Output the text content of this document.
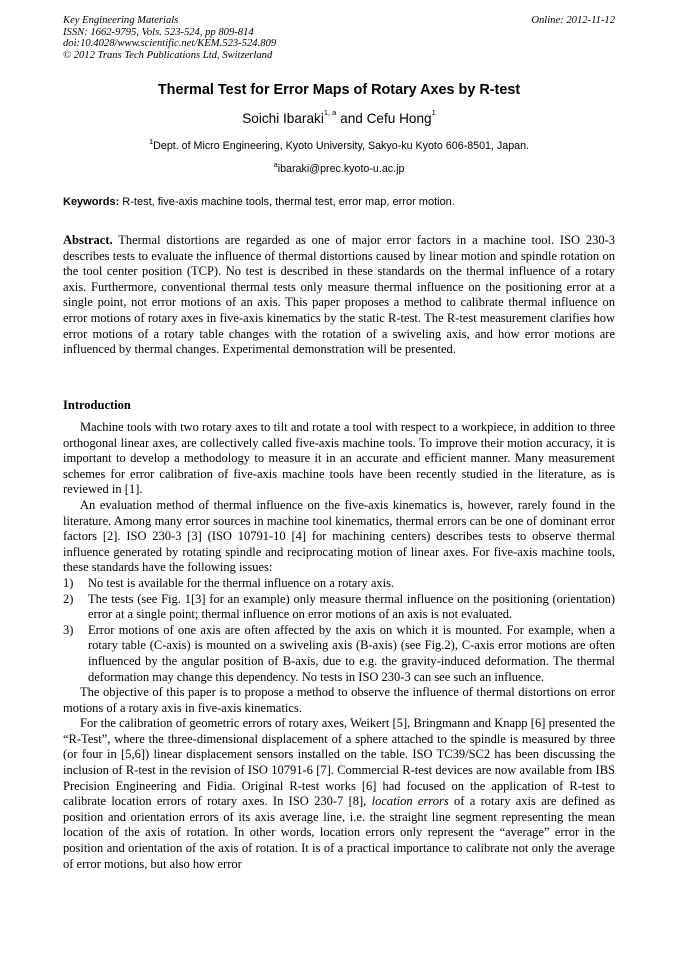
Key Engineering Materials
ISSN: 1662-9795, Vols. 523-524, pp 809-814
doi:10.4028/www.scientific.net/KEM.523-524.809
© 2012 Trans Tech Publications Ltd, Switzerland
Online: 2012-11-12
Thermal Test for Error Maps of Rotary Axes by R-test
Soichi Ibaraki$^{1, a}$ and Cefu Hong$^1$
$^1$Dept. of Micro Engineering, Kyoto University, Sakyo-ku Kyoto 606-8501, Japan.
$^a$ibaraki@prec.kyoto-u.ac.jp
Keywords: R-test, five-axis machine tools, thermal test, error map, error motion.

Abstract. Thermal distortions are regarded as one of major error factors in a machine tool. ISO 230-3 describes tests to evaluate the influence of thermal distortions caused by linear motion and spindle rotation on the tool center position (TCP). No test is described in these standards on the thermal influence of a rotary axis. Furthermore, conventional thermal tests only measure thermal influence on the positioning error at a single point, not error motions of an axis. This paper proposes a method to calibrate thermal influence on error motions of rotary axes in five-axis kinematics by the static R-test. The R-test measurement clarifies how error motions of a rotary table changes with the rotation of a swiveling axis, and how error motions are influenced by thermal changes. Experimental demonstration will be presented.

Introduction

Machine tools with two rotary axes to tilt and rotate a tool with respect to a workpiece, in addition to three orthogonal linear axes, are collectively called five-axis machine tools. To improve their motion accuracy, it is important to develop a methodology to measure it in an accurate and efficient manner. Many measurement schemes for error calibration of five-axis machine tools have been recently studied in the literature, as is reviewed in [1].

An evaluation method of thermal influence on the five-axis kinematics is, however, rarely found in the literature. Among many error sources in machine tool kinematics, thermal errors can be one of dominant error factors [2]. ISO 230-3 [3] (ISO 10791-10 [4] for machining centers) describes tests to observe thermal influence generated by rotating spindle and reciprocating motion of linear axes. For five-axis machine tools, these standards have the following issues:

1)	No test is available for the thermal influence on a rotary axis.
2)	The tests (see Fig. 1[3] for an example) only measure thermal influence on the positioning (orientation) error at a single point; thermal influence on error motions of an axis is not evaluated.
3)	Error motions of one axis are often affected by the axis on which it is mounted. For example, when a rotary table (C-axis) is mounted on a swiveling axis (B-axis) (see Fig.2), C-axis error motions are often influenced by the angular position of B-axis, due to e.g. the gravity-induced deformation. The thermal deformation may change this dependency. No tests in ISO 230-3 can see such an influence.

The objective of this paper is to propose a method to observe the influence of thermal distortions on error motions of a rotary axis in five-axis kinematics.

For the calibration of geometric errors of rotary axes, Weikert [5], Bringmann and Knapp [6] presented the “R-Test”, where the three-dimensional displacement of a sphere attached to the spindle is measured by three (or four in [5,6]) linear displacement sensors installed on the table. ISO TC39/SC2 has been discussing the inclusion of R-test in the revision of ISO 10791-6 [7]. Commercial R-test devices are now available from IBS Precision Engineering and Fidia. Original R-test works [6] had focused on the application of R-test to calibrate location errors of rotary axes. In ISO 230-7 [8], location errors of a rotary axis are defined as position and orientation errors of its axis average line, i.e. the straight line segment representing the mean location of the axis of rotation. In other words, location errors only represent the “average” error in the position and orientation of the axis of rotation. It is of a practical importance to calibrate not only the average of error motions, but also how error
